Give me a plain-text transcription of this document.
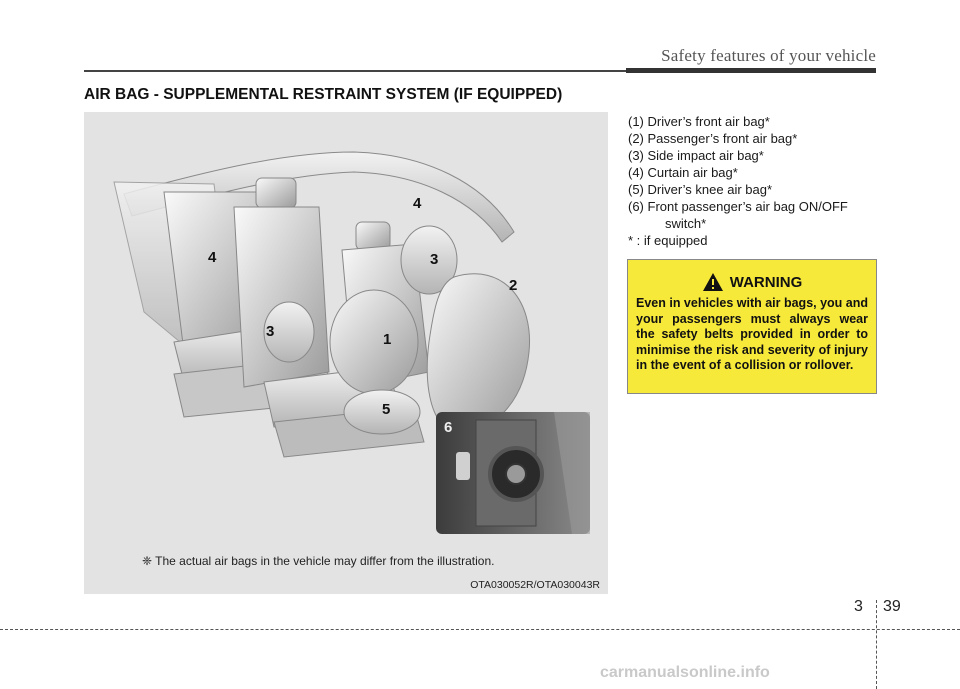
Safety features of your vehicle
AIR BAG - SUPPLEMENTAL RESTRAINT SYSTEM (IF EQUIPPED)
4
4
3
3
2
1
5
6
❈ The actual air bags in the vehicle may differ from the illustration.
OTA030052R/OTA030043R
(1) Driver’s front air bag*
(2) Passenger’s front air bag*
(3) Side impact air bag*
(4) Curtain air bag*
(5) Driver’s knee air bag*
(6) Front passenger’s air bag ON/OFF
switch*
* : if equipped
WARNING
Even in vehicles with air bags, you and your passengers must always wear the safety belts provided in order to minimise the risk and severity of injury in the event of a collision or rollover.
3 39
carmanualsonline.info
